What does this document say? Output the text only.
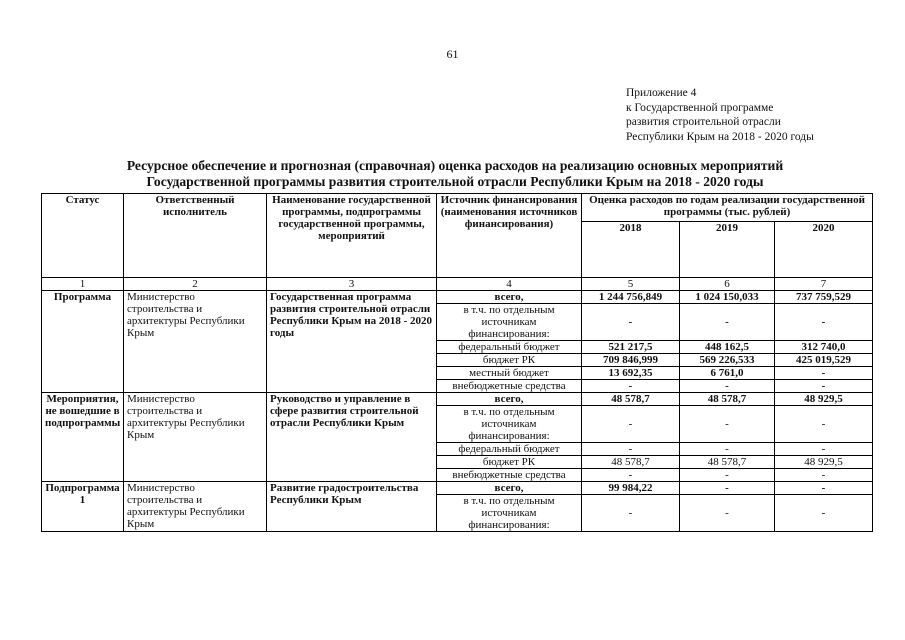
61
Приложение 4
к Государственной программе
развития строительной отрасли
Республики Крым на 2018 - 2020 годы
Ресурсное обеспечение и прогнозная (справочная) оценка расходов на реализацию основных мероприятий
Государственной программы развития строительной отрасли Республики Крым на 2018 - 2020 годы
Статус	Ответственный исполнитель	Наименование государственной программы, подпрограммы государственной программы, мероприятий	Источник финансирования (наименования источников финансирования)	Оценка расходов по годам реализации государственной программы (тыс. рублей)		
				2018	2019	2020
1	2	3	4	5	6	7
Программа	Министерство строительства и архитектуры Республики Крым	Государственная программа развития строительной отрасли Республики Крым на 2018 - 2020 годы	всего,	1 244 756,849	1 024 150,033	737 759,529
			в т.ч. по отдельным источникам финансирования:	-	-	-
			федеральный бюджет	521 217,5	448 162,5	312 740,0
			бюджет РК	709 846,999	569 226,533	425 019,529
			местный бюджет	13 692,35	6 761,0	-
			внебюджетные средства	-	-	-
Мероприятия, не вошедшие в подпрограммы	Министерство строительства и архитектуры Республики Крым	Руководство и управление в сфере развития строительной отрасли Республики Крым	всего,	48 578,7	48 578,7	48 929,5
			в т.ч. по отдельным источникам финансирования:	-	-	-
			федеральный бюджет	-	-	-
			бюджет РК	48 578,7	48 578,7	48 929,5
			внебюджетные средства	-	-	-
Подпрограмма 1	Министерство строительства и архитектуры Республики Крым	Развитие градостроительства Республики Крым	всего,	99 984,22	-	-
			в т.ч. по отдельным источникам финансирования:	-	-	-
